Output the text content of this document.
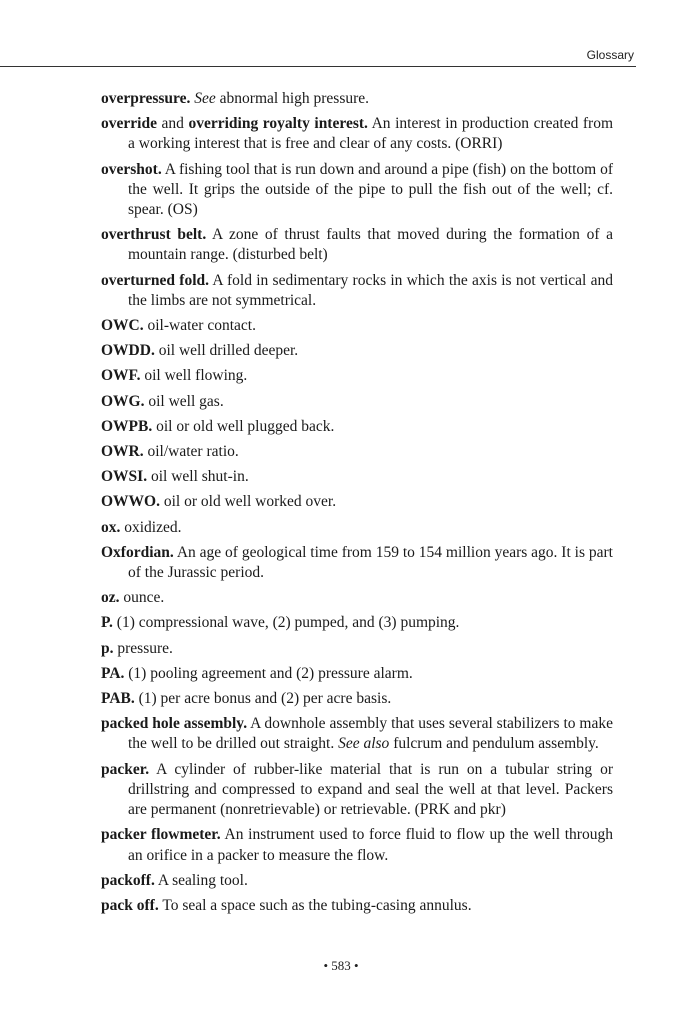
Glossary

overpressure. See abnormal high pressure.

override and overriding royalty interest. An interest in production created from a working interest that is free and clear of any costs. (ORRI)

overshot. A fishing tool that is run down and around a pipe (fish) on the bottom of the well. It grips the outside of the pipe to pull the fish out of the well; cf. spear. (OS)

overthrust belt. A zone of thrust faults that moved during the formation of a mountain range. (disturbed belt)

overturned fold. A fold in sedimentary rocks in which the axis is not vertical and the limbs are not symmetrical.

OWC. oil-water contact.

OWDD. oil well drilled deeper.

OWF. oil well flowing.

OWG. oil well gas.

OWPB. oil or old well plugged back.

OWR. oil/water ratio.

OWSI. oil well shut-in.

OWWO. oil or old well worked over.

ox. oxidized.

Oxfordian. An age of geological time from 159 to 154 million years ago. It is part of the Jurassic period.

oz. ounce.

P. (1) compressional wave, (2) pumped, and (3) pumping.

p. pressure.

PA. (1) pooling agreement and (2) pressure alarm.

PAB. (1) per acre bonus and (2) per acre basis.

packed hole assembly. A downhole assembly that uses several stabilizers to make the well to be drilled out straight. See also fulcrum and pendulum assembly.

packer. A cylinder of rubber-like material that is run on a tubular string or drillstring and compressed to expand and seal the well at that level. Packers are permanent (nonretrievable) or retrievable. (PRK and pkr)

packer flowmeter. An instrument used to force fluid to flow up the well through an orifice in a packer to measure the flow.

packoff. A sealing tool.

pack off. To seal a space such as the tubing-casing annulus.

• 583 •
